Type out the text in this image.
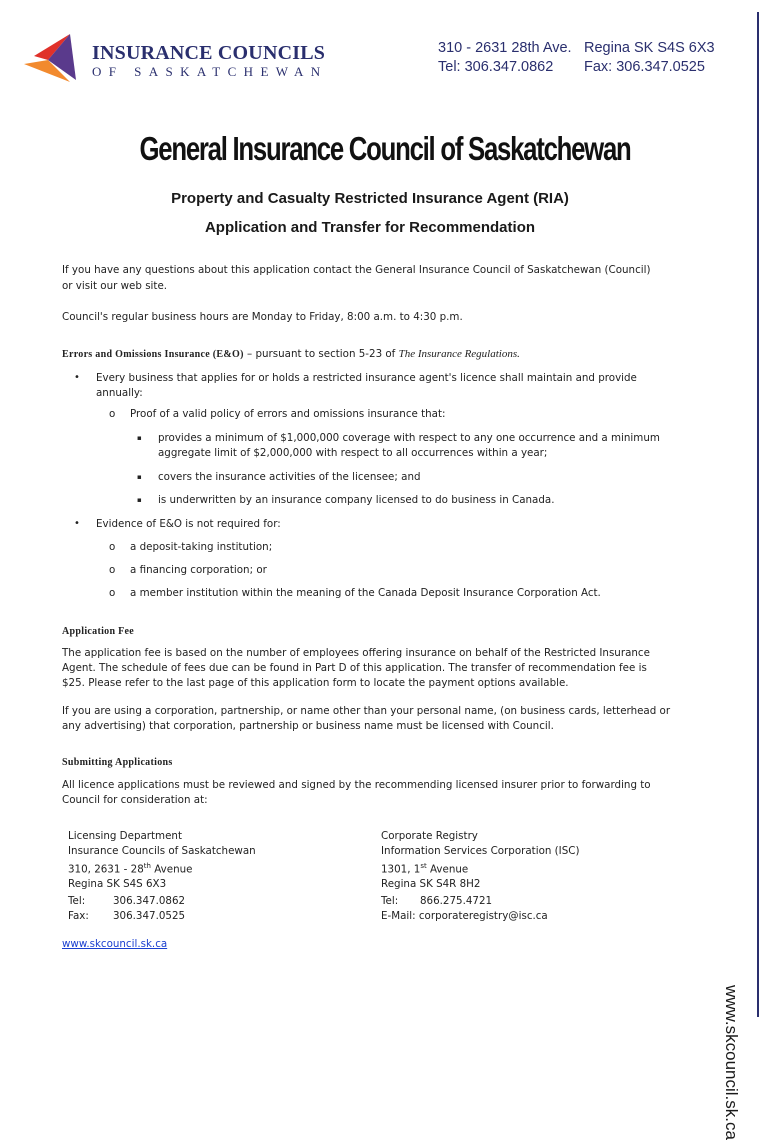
INSURANCE COUNCILS
OF SASKATCHEWAN
310 - 2631 28th Ave. Regina SK S4S 6X3
Tel: 306.347.0862 Fax: 306.347.0525
www.skcouncil.sk.ca
General Insurance Council of Saskatchewan
Property and Casualty Restricted Insurance Agent (RIA)
Application and Transfer for Recommendation
If you have any questions about this application contact the General Insurance Council of Saskatchewan (Council)
or visit our web site.
Council's regular business hours are Monday to Friday, 8:00 a.m. to 4:30 p.m.
Errors and Omissions Insurance (E&O) – pursuant to section 5-23 of The Insurance Regulations.
• Every business that applies for or holds a restricted insurance agent's licence shall maintain and provide
annually:
o Proof of a valid policy of errors and omissions insurance that:
▪ provides a minimum of $1,000,000 coverage with respect to any one occurrence and a minimum
aggregate limit of $2,000,000 with respect to all occurrences within a year;
▪ covers the insurance activities of the licensee; and
▪ is underwritten by an insurance company licensed to do business in Canada.
• Evidence of E&O is not required for:
o a deposit-taking institution;
o a financing corporation; or
o a member institution within the meaning of the Canada Deposit Insurance Corporation Act.
Application Fee
The application fee is based on the number of employees offering insurance on behalf of the Restricted Insurance
Agent. The schedule of fees due can be found in Part D of this application. The transfer of recommendation fee is
$25. Please refer to the last page of this application form to locate the payment options available.
If you are using a corporation, partnership, or name other than your personal name, (on business cards, letterhead or
any advertising) that corporation, partnership or business name must be licensed with Council.
Submitting Applications
All licence applications must be reviewed and signed by the recommending licensed insurer prior to forwarding to
Council for consideration at:
Licensing Department
Insurance Councils of Saskatchewan
310, 2631 - 28th Avenue
Regina SK S4S 6X3
Tel:	306.347.0862
Fax: 306.347.0525
Corporate Registry
Information Services Corporation (ISC)
1301, 1st Avenue
Regina SK S4R 8H2
Tel: 866.275.4721
E-Mail: corporateregistry@isc.ca
www.skcouncil.sk.ca
